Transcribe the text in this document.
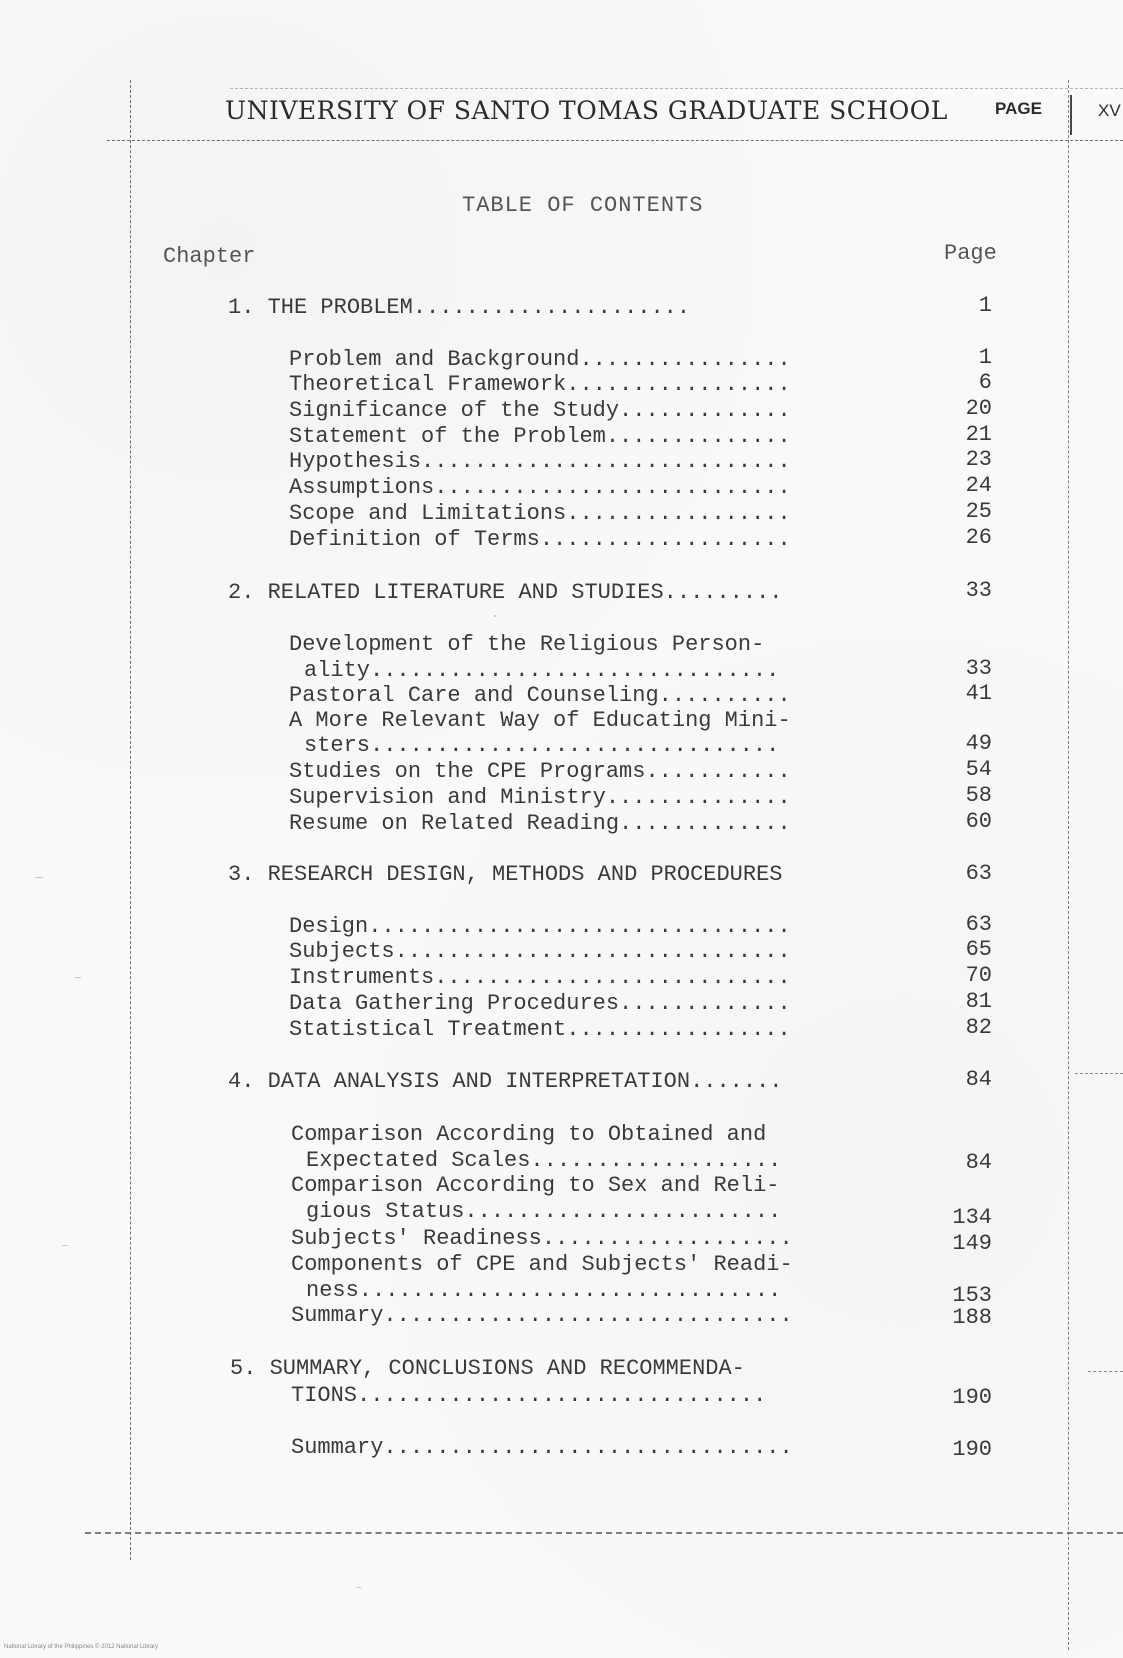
UNIVERSITY OF SANTO TOMAS GRADUATE SCHOOL	PAGE	XV
TABLE OF CONTENTS
Chapter	Page
1. THE PROBLEM.....................	1
Problem and Background................	1
Theoretical Framework.................	6
Significance of the Study.............	20
Statement of the Problem..............	21
Hypothesis............................	23
Assumptions...........................	24
Scope and Limitations.................	25
Definition of Terms...................	26
2. RELATED LITERATURE AND STUDIES.........	33
Development of the Religious Person-
ality...............................	33
Pastoral Care and Counseling..........	41
A More Relevant Way of Educating Mini-
sters...............................	49
Studies on the CPE Programs...........	54
Supervision and Ministry..............	58
Resume on Related Reading.............	60
3. RESEARCH DESIGN, METHODS AND PROCEDURES	63
Design................................	63
Subjects..............................	65
Instruments...........................	70
Data Gathering Procedures.............	81
Statistical Treatment.................	82
4. DATA ANALYSIS AND INTERPRETATION.......	84
Comparison According to Obtained and
Expectated Scales...................	84
Comparison According to Sex and Reli-
gious Status........................	134
Subjects' Readiness...................	149
Components of CPE and Subjects' Readi-
ness................................	153
Summary...............................	188
5. SUMMARY, CONCLUSIONS AND RECOMMENDA-
TIONS...............................	190
Summary...............................	190
National Library of the Philippines © 2012 National Library
